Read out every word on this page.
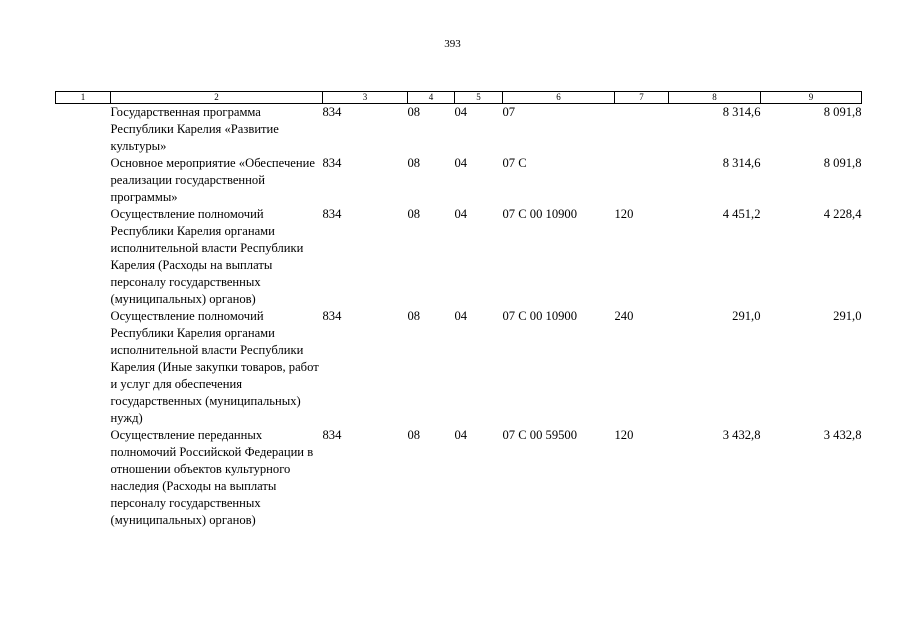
393
1	2	3	4	5	6	7	8	9
	Государственная программа Республики Карелия «Развитие культуры»	834	08	04	07		8 314,6	8 091,8
	Основное мероприятие «Обеспечение реализации государственной программы»	834	08	04	07 С		8 314,6	8 091,8
	Осуществление полномочий Республики Карелия органами исполнительной власти Республики Карелия (Расходы на выплаты персоналу государственных (муниципальных) органов)	834	08	04	07 С 00 10900	120	4 451,2	4 228,4
	Осуществление полномочий Республики Карелия органами исполнительной власти Республики Карелия (Иные закупки товаров, работ и услуг для обеспечения государственных (муниципальных) нужд)	834	08	04	07 С 00 10900	240	291,0	291,0
	Осуществление переданных полномочий Российской Федерации в отношении объектов культурного наследия (Расходы на выплаты персоналу государственных (муниципальных) органов)	834	08	04	07 С 00 59500	120	3 432,8	3 432,8
